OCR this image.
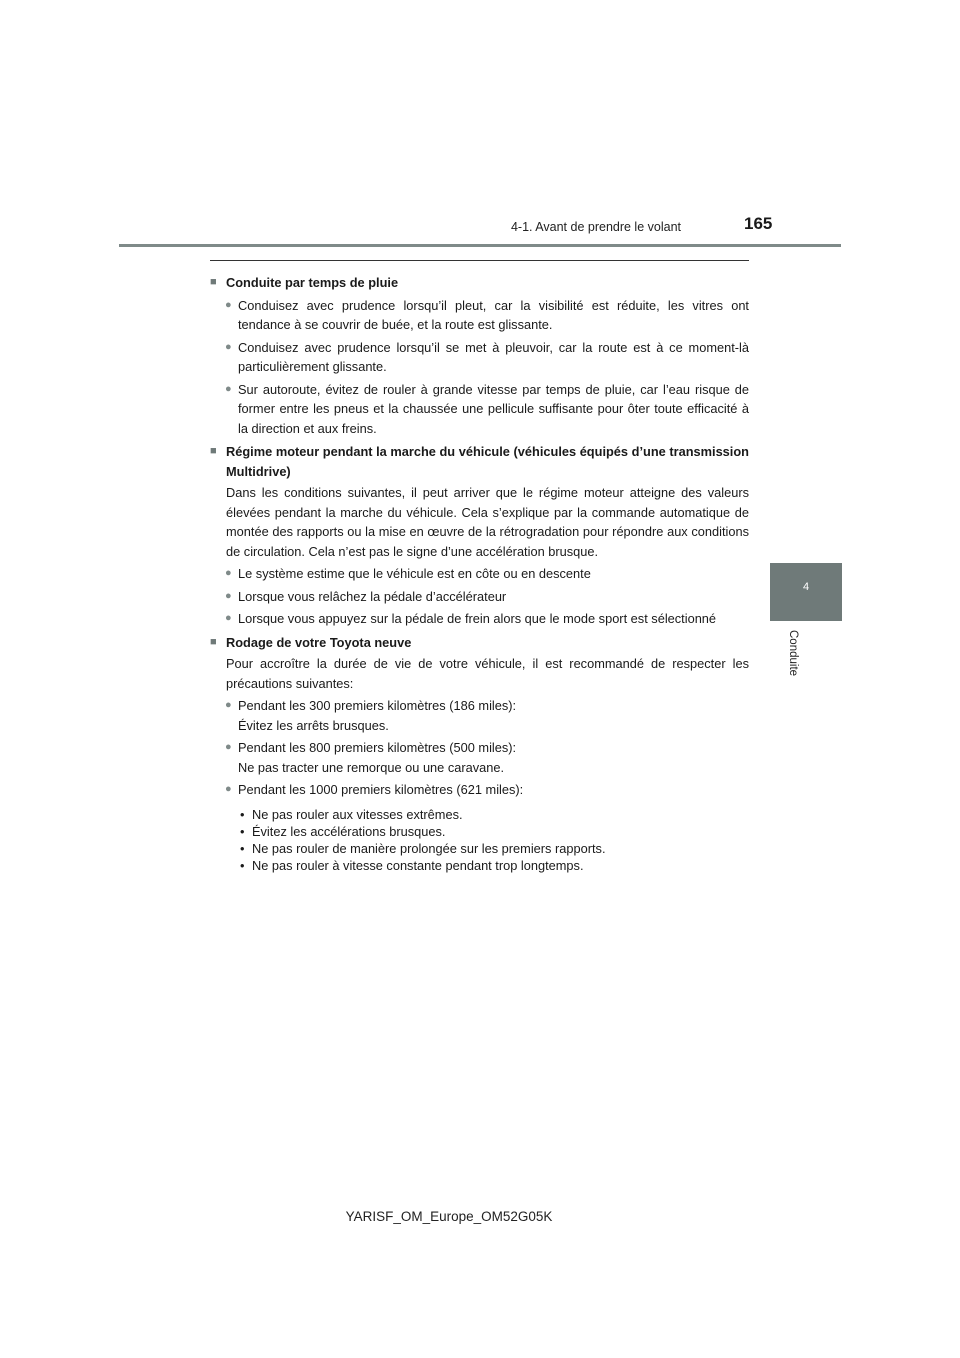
4-1. Avant de prendre le volant	165
4
Conduite
■ Conduite par temps de pluie
● Conduisez avec prudence lorsqu’il pleut, car la visibilité est réduite, les vitres ont tendance à se couvrir de buée, et la route est glissante.
● Conduisez avec prudence lorsqu’il se met à pleuvoir, car la route est à ce moment-là particulièrement glissante.
● Sur autoroute, évitez de rouler à grande vitesse par temps de pluie, car l’eau risque de former entre les pneus et la chaussée une pellicule suffisante pour ôter toute efficacité à la direction et aux freins.
■ Régime moteur pendant la marche du véhicule (véhicules équipés d’une transmission Multidrive)
Dans les conditions suivantes, il peut arriver que le régime moteur atteigne des valeurs élevées pendant la marche du véhicule. Cela s’explique par la commande automatique de montée des rapports ou la mise en œuvre de la rétrogradation pour répondre aux conditions de circulation. Cela n’est pas le signe d’une accélération brusque.
● Le système estime que le véhicule est en côte ou en descente
● Lorsque vous relâchez la pédale d’accélérateur
● Lorsque vous appuyez sur la pédale de frein alors que le mode sport est sélectionné
■ Rodage de votre Toyota neuve
Pour accroître la durée de vie de votre véhicule, il est recommandé de respecter les précautions suivantes:
● Pendant les 300 premiers kilomètres (186 miles):
Évitez les arrêts brusques.
● Pendant les 800 premiers kilomètres (500 miles):
Ne pas tracter une remorque ou une caravane.
● Pendant les 1000 premiers kilomètres (621 miles):
• Ne pas rouler aux vitesses extrêmes.
• Évitez les accélérations brusques.
• Ne pas rouler de manière prolongée sur les premiers rapports.
• Ne pas rouler à vitesse constante pendant trop longtemps.
YARISF_OM_Europe_OM52G05K
